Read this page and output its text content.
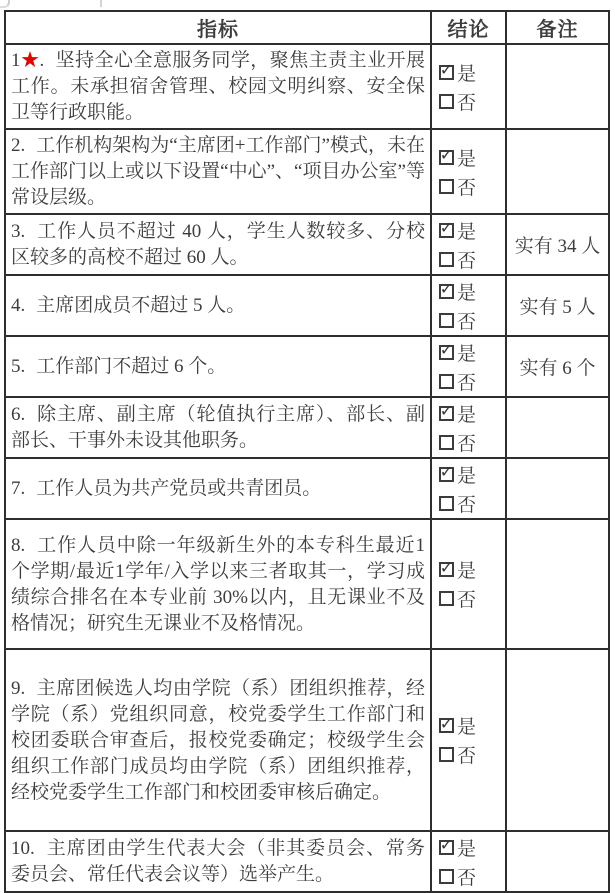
指标	结论	备注
1★. 坚持全心全意服务同学，聚焦主责主业开展工作。未承担宿舍管理、校园文明纠察、安全保卫等行政职能。	✓ 是
否	

2. 工作机构架构为“主席团+工作部门”模式，未在工作部门以上或以下设置“中心”、“项目办公室”等常设层级。	✓ 是
否	

3. 工作人员不超过 40 人，学生人数较多、分校区较多的高校不超过 60 人。	✓ 是
否	实有 34 人
4. 主席团成员不超过 5 人。	✓ 是
否	实有 5 人
5. 工作部门不超过 6 个。	✓ 是
否	实有 6 个
6. 除主席、副主席（轮值执行主席）、部长、副部长、干事外未设其他职务。	✓ 是
否	

7. 工作人员为共产党员或共青团员。	✓ 是
否	

8. 工作人员中除一年级新生外的本专科生最近1个学期/最近1学年/入学以来三者取其一，学习成绩综合排名在本专业前 30%以内，且无课业不及格情况；研究生无课业不及格情况。	✓ 是
否	

9. 主席团候选人均由学院（系）团组织推荐，经学院（系）党组织同意，校党委学生工作部门和校团委联合审查后，报校党委确定；校级学生会组织工作部门成员均由学院（系）团组织推荐，经校党委学生工作部门和校团委审核后确定。	✓ 是
否	

10. 主席团由学生代表大会（非其委员会、常务委员会、常任代表会议等）选举产生。	✓ 是
否	
